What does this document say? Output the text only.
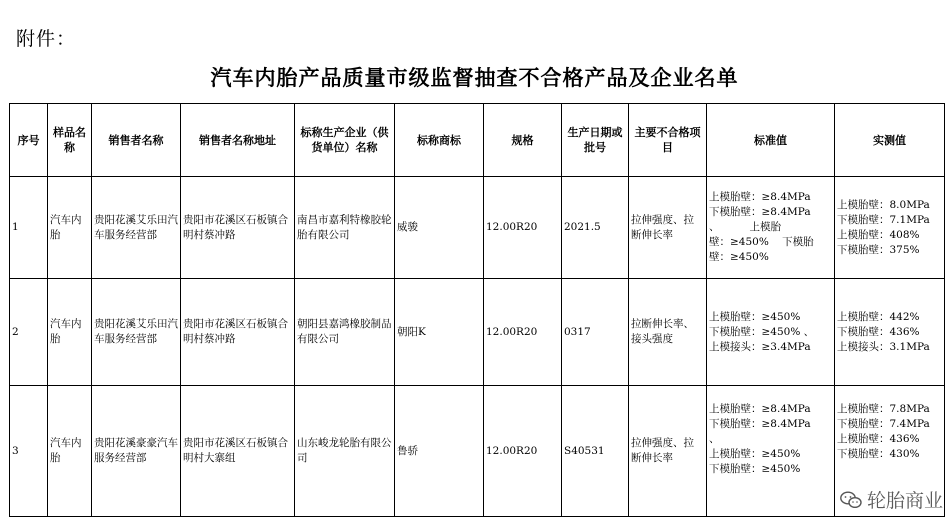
附件：
汽车内胎产品质量市级监督抽查不合格产品及企业名单
序号	样品名称	销售者名称	销售者名称地址	标称生产企业（供货单位）名称	标称商标	规格	生产日期或批号	主要不合格项目	标准值	实测值
1	汽车内胎	贵阳花溪艾乐田汽车服务经营部	贵阳市花溪区石板镇合明村蔡冲路	南昌市嘉利特橡胶轮胎有限公司	威骏	12.00R20	2021.5	拉伸强度、拉断伸长率	上模胎壁：≥8.4MPa
下模胎壁：≥8.4MPa
、         上模胎
壁：≥450%    下模胎
壁：≥450%	上模胎壁：8.0MPa
下模胎壁：7.1MPa
上模胎壁：408%
下模胎壁：375%

2	汽车内胎	贵阳花溪艾乐田汽车服务经营部	贵阳市花溪区石板镇合明村蔡冲路	朝阳县嘉鸿橡胶制品有限公司	朝阳K	12.00R20	0317	拉断伸长率、接头强度	上模胎壁：≥450%
下模胎壁：≥450% 、
上模接头：≥3.4MPa	上模胎壁：442%
下模胎壁：436%
上模接头：3.1MPa

3	汽车内胎	贵阳花溪豪豪汽车服务经营部	贵阳市花溪区石板镇合明村大寨组	山东峻龙轮胎有限公司	鲁骄	12.00R20	S40531	拉伸强度、拉断伸长率	上模胎壁：≥8.4MPa
下模胎壁：≥8.4MPa
、
上模胎壁：≥450%
下模胎壁：≥450%	上模胎壁：7.8MPa
下模胎壁：7.4MPa
上模胎壁：436%
下模胎壁：430%
轮胎商业
